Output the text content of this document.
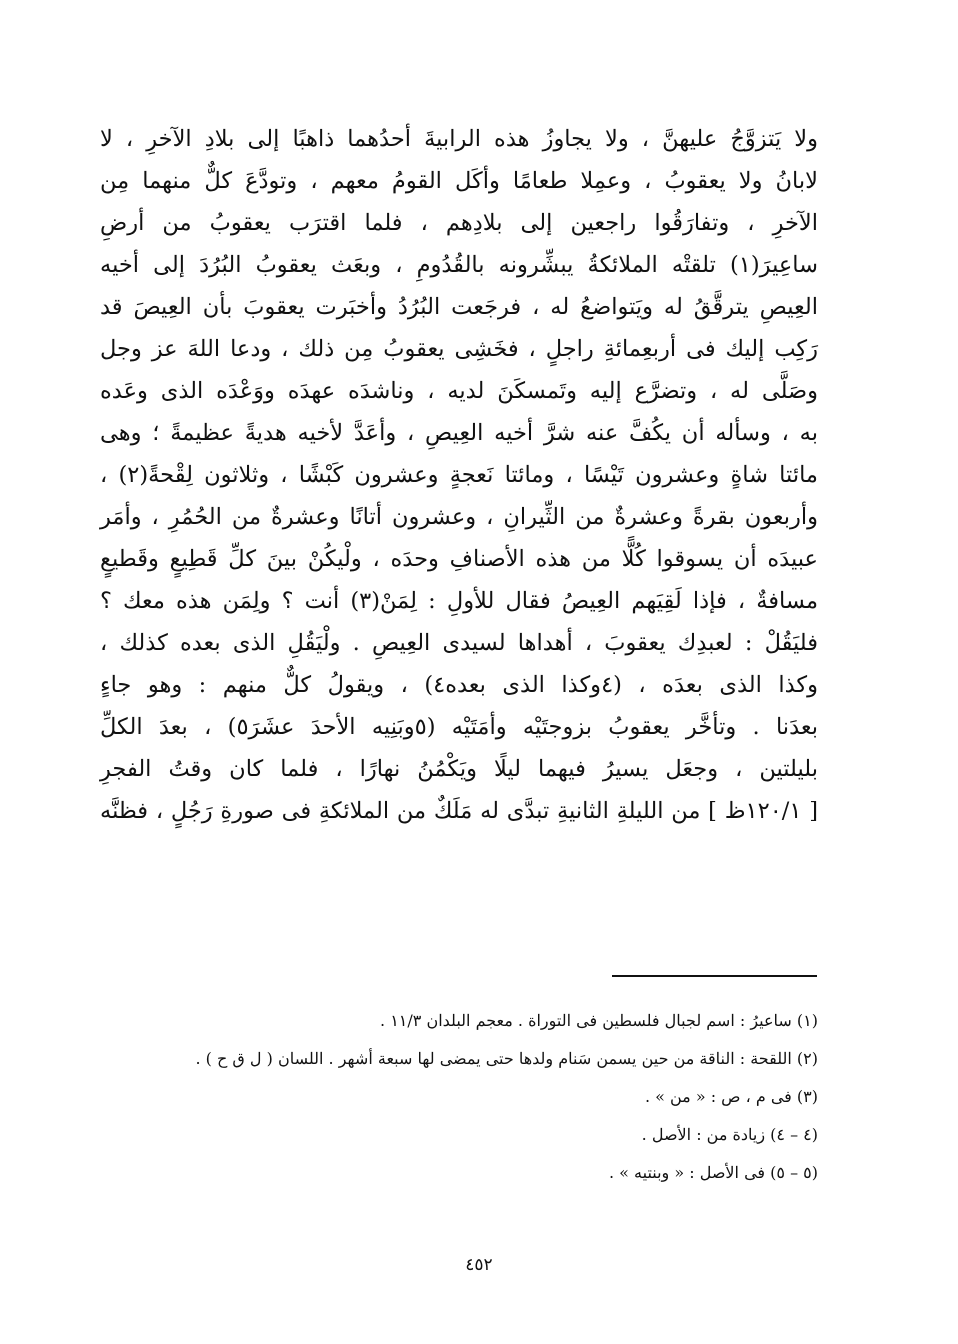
ولا يَتزوَّجُ عليهنَّ ، ولا يجاوزُ هذه الرابيةَ أحدُهما ذاهبًا إلى بلادِ الآخرِ ، لا
لابانُ ولا يعقوبُ ، وعمِلا طعامًا وأكَل القومُ معهم ، وتودَّعَ كلٌّ منهما مِن
الآخرِ ، وتفارَقُوا راجعين إلى بلادِهم ، فلما اقترَب يعقوبُ من أرضِ
ساعِيرَ(١) تلقتْه الملائكةُ يبشِّرونه بالقُدُومِ ، وبعَث يعقوبُ البُرُدَ إلى أخيه
العِيصِ يترقَّقُ له ويَتواضعُ له ، فرجَعت البُرُدُ وأخبَرت يعقوبَ بأن العِيصَ قد
رَكِب إليك فى أربعِمائةِ راجلٍ ، فخَشِى يعقوبُ مِن ذلك ، ودعا اللهَ عز وجل
وصَلَّى له ، وتضرَّع إليه وتَمسكَنَ لديه ، وناشدَه عهدَه ووَعْدَه الذى وعَده
به ، وسأله أن يكُفَّ عنه شرَّ أخيه العِيصِ ، وأعَدَّ لأخيه هديةً عظيمةً ؛ وهى
مائتا شاةٍ وعشرون تَيْسًا ، ومائتا نَعجةٍ وعشرون كَبْشًا ، وثلاثون لِقْحةً(٢) ،
وأربعون بقرةً وعشرةٌ من الثِّيرانِ ، وعشرون أتانًا وعشرةٌ من الحُمُرِ ، وأمَر
عبيدَه أن يسوقوا كُلًّا من هذه الأصنافِ وحدَه ، ولْيكُنْ بينَ كلِّ قَطِيعٍ وقَطيعٍ
مسافةٌ ، فإذا لَقِيَهم العِيصُ فقال للأولِ : لِمَنْ(٣) أنت ؟ ولِمَن هذه معك ؟
فليَقُلْ : لعبدِك يعقوبَ ، أهداها لسيدى العِيصِ . ولْيَقُلِ الذى بعده كذلك ،
وكذا الذى بعدَه ، (٤وكذا الذى بعده٤) ، ويقولُ كلٌّ منهم : وهو جاءٍ
بعدَنا . وتأخَّر يعقوبُ بزوجتَيْه وأمَتَيْه (٥وبَنِيه الأحدَ عشَرَ٥) ، بعدَ الكلِّ
بليلتين ، وجعَل يسيرُ فيهما ليلًا ويَكْمُنُ نهارًا ، فلما كان وقتُ الفجرِ
[ ١٢٠/١ظ ] من الليلةِ الثانيةِ تبدَّى له مَلَكٌ من الملائكةِ فى صورةِ رَجُلٍ ، فظنَّه
(١) ساعيرُ : اسم لجبال فلسطين فى التوراة . معجم البلدان ١١/٣ .
(٢) اللقحة : الناقة من حين يسمن سَنام ولدها حتى يمضى لها سبعة أشهر . اللسان ( ل ق ح ) .
(٣) فى م ، ص : « من » .
(٤ – ٤) زيادة من : الأصل .
(٥ – ٥) فى الأصل : « وبنتيه » .
٤٥٢
